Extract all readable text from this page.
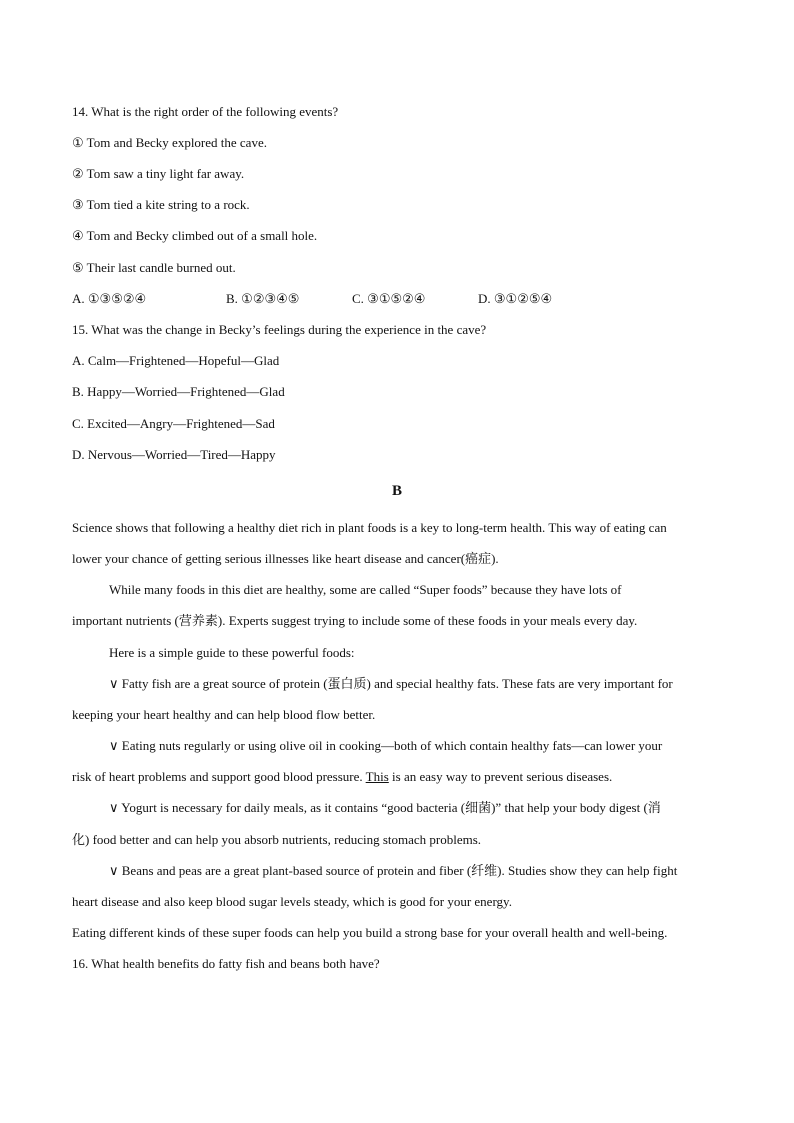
14. What is the right order of the following events?
① Tom and Becky explored the cave.
② Tom saw a tiny light far away.
③ Tom tied a kite string to a rock.
④ Tom and Becky climbed out of a small hole.
⑤ Their last candle burned out.
A. ①③⑤②④	B. ①②③④⑤	C. ③①⑤②④	D. ③①②⑤④
15. What was the change in Becky’s feelings during the experience in the cave?
A. Calm—Frightened—Hopeful—Glad
B. Happy—Worried—Frightened—Glad
C. Excited—Angry—Frightened—Sad
D. Nervous—Worried—Tired—Happy
B
Science shows that following a healthy diet rich in plant foods is a key to long-term health. This way of eating can
lower your chance of getting serious illnesses like heart disease and cancer(癌症).
While many foods in this diet are healthy, some are called “Super foods” because they have lots of
important nutrients (营养素). Experts suggest trying to include some of these foods in your meals every day.
Here is a simple guide to these powerful foods:
∨ Fatty fish are a great source of protein (蛋白质) and special healthy fats. These fats are very important for
keeping your heart healthy and can help blood flow better.
∨ Eating nuts regularly or using olive oil in cooking—both of which contain healthy fats—can lower your
risk of heart problems and support good blood pressure. This is an easy way to prevent serious diseases.
∨ Yogurt is necessary for daily meals, as it contains “good bacteria (细菌)” that help your body digest (消
化) food better and can help you absorb nutrients, reducing stomach problems.
∨ Beans and peas are a great plant-based source of protein and fiber (纤维). Studies show they can help fight
heart disease and also keep blood sugar levels steady, which is good for your energy.
Eating different kinds of these super foods can help you build a strong base for your overall health and well-being.
16. What health benefits do fatty fish and beans both have?
